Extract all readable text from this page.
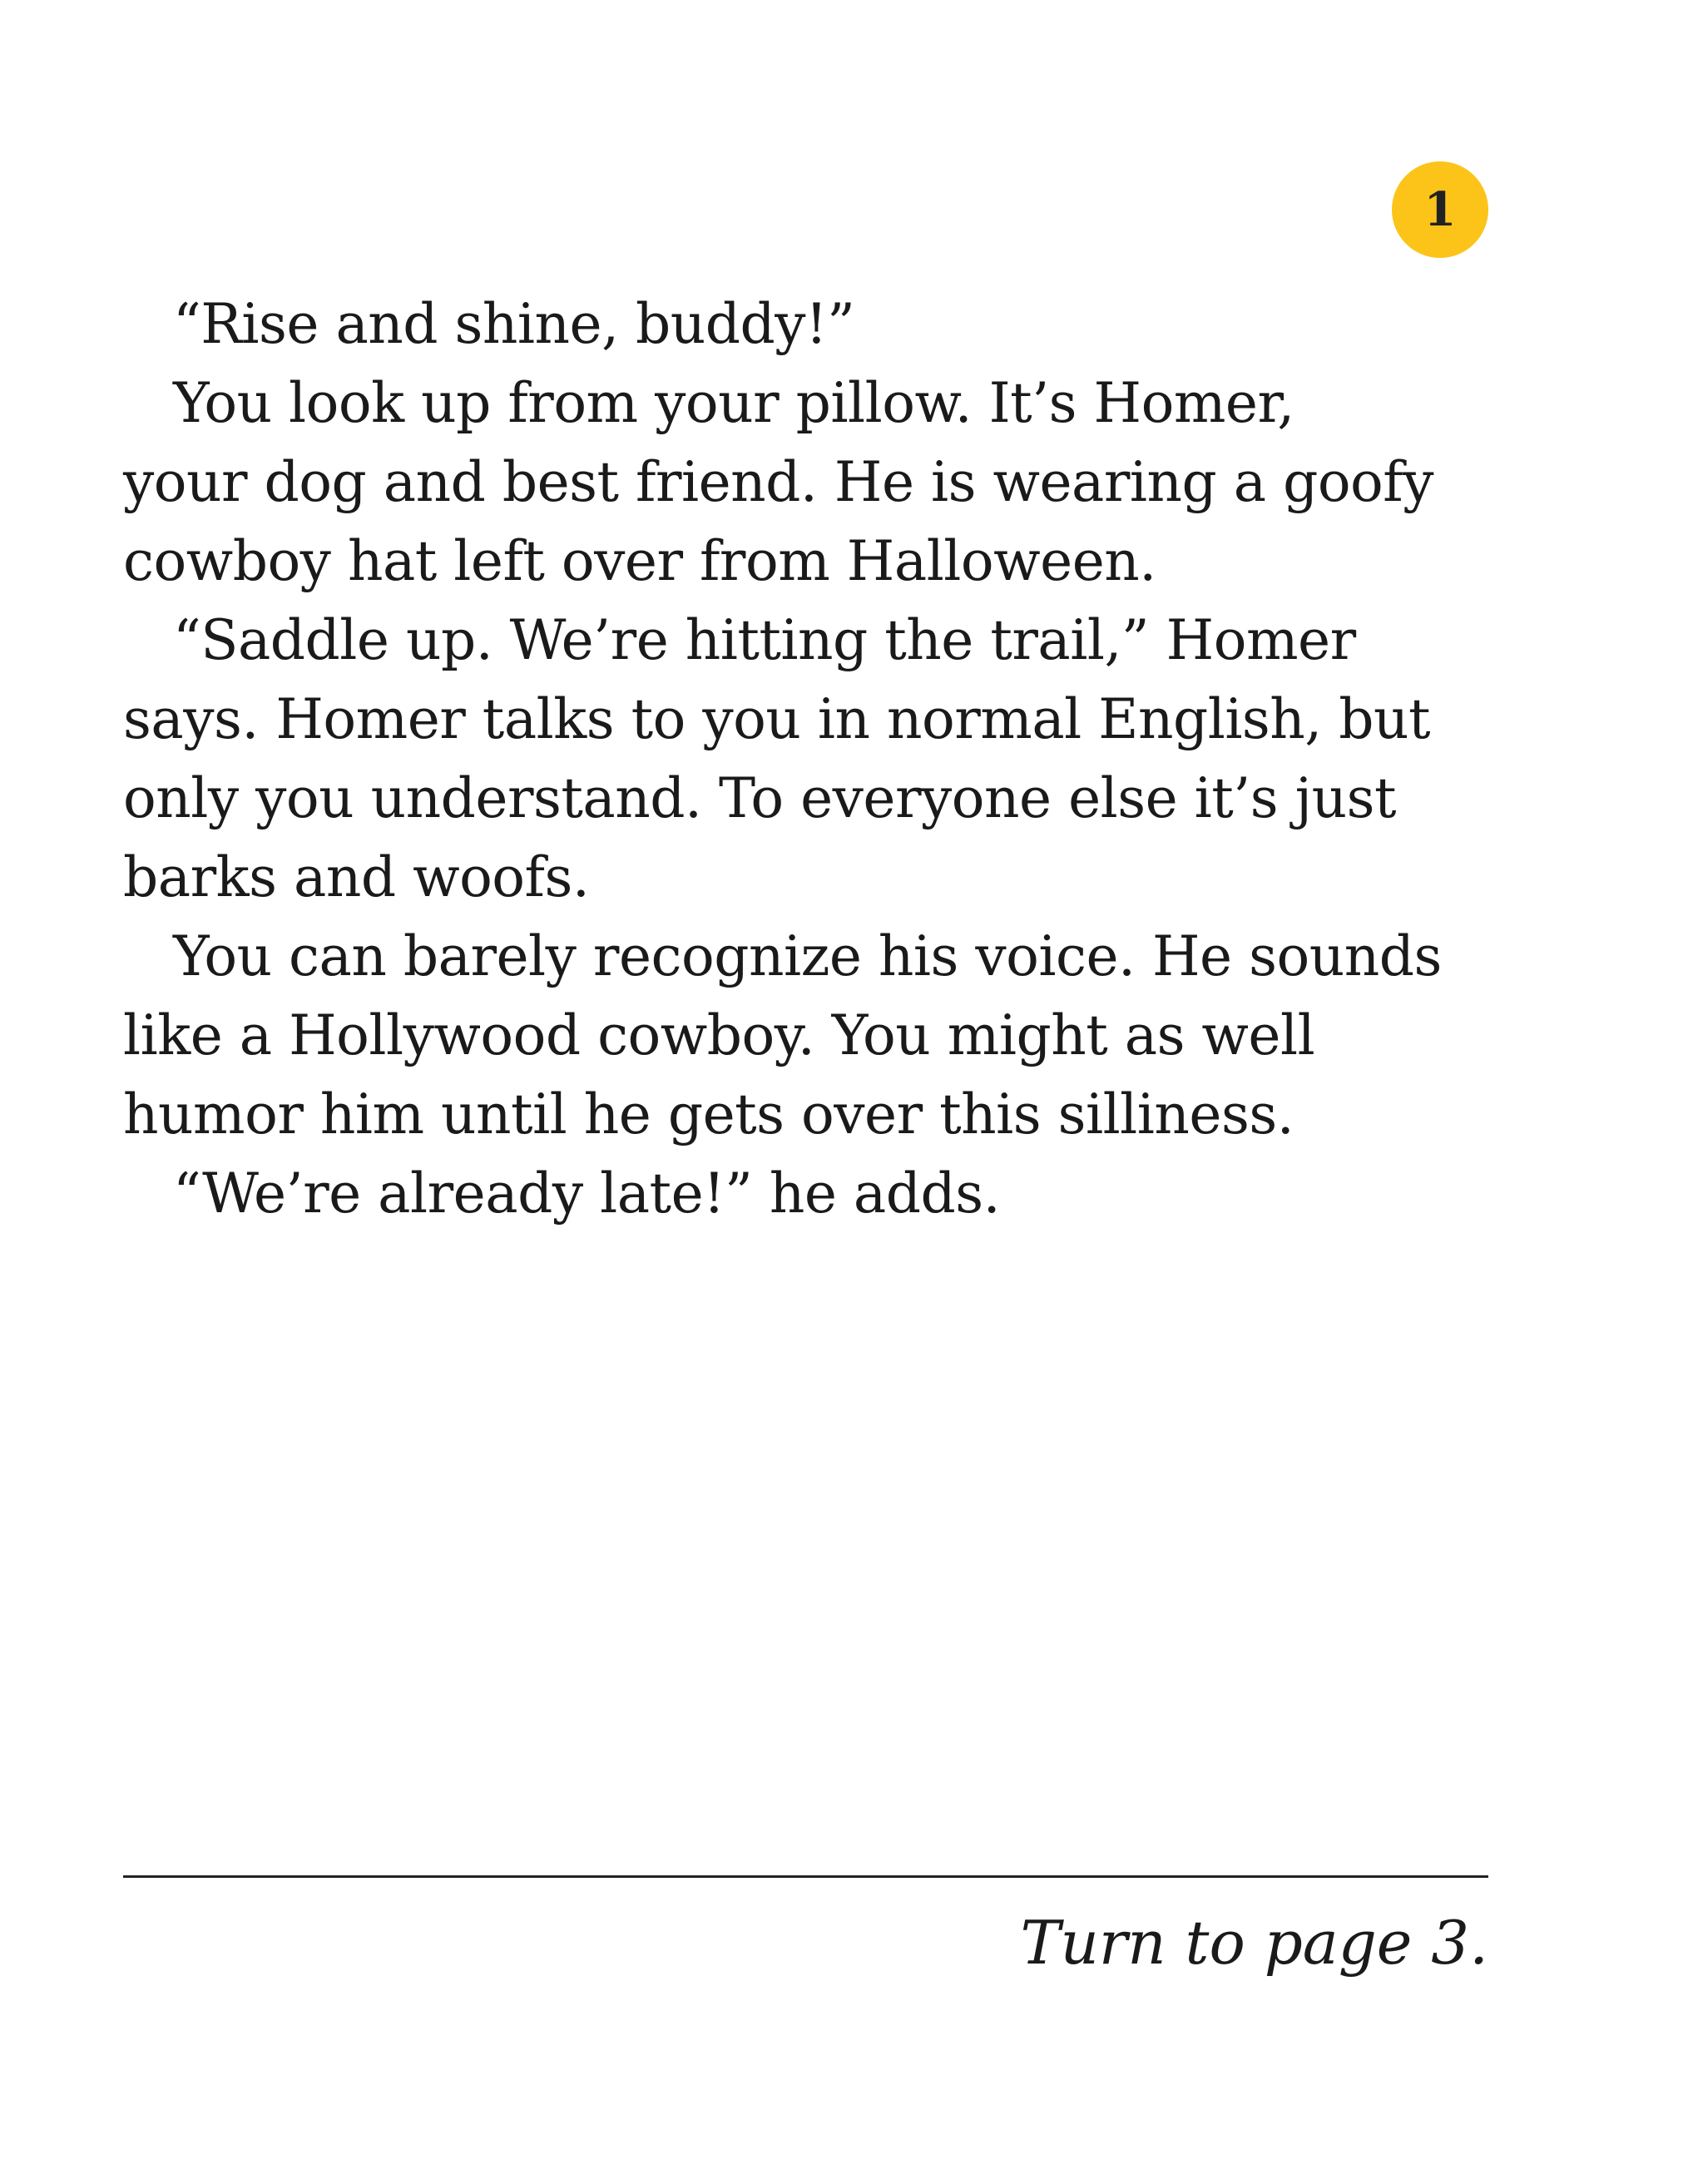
1

“Rise and shine, buddy!”

You look up from your pillow. It’s Homer,
your dog and best friend. He is wearing a goofy
cowboy hat left over from Halloween.

“Saddle up. We’re hitting the trail,” Homer
says. Homer talks to you in normal English, but
only you understand. To everyone else it’s just
barks and woofs.

You can barely recognize his voice. He sounds
like a Hollywood cowboy. You might as well
humor him until he gets over this silliness.

“We’re already late!” he adds.

Turn to page 3.
